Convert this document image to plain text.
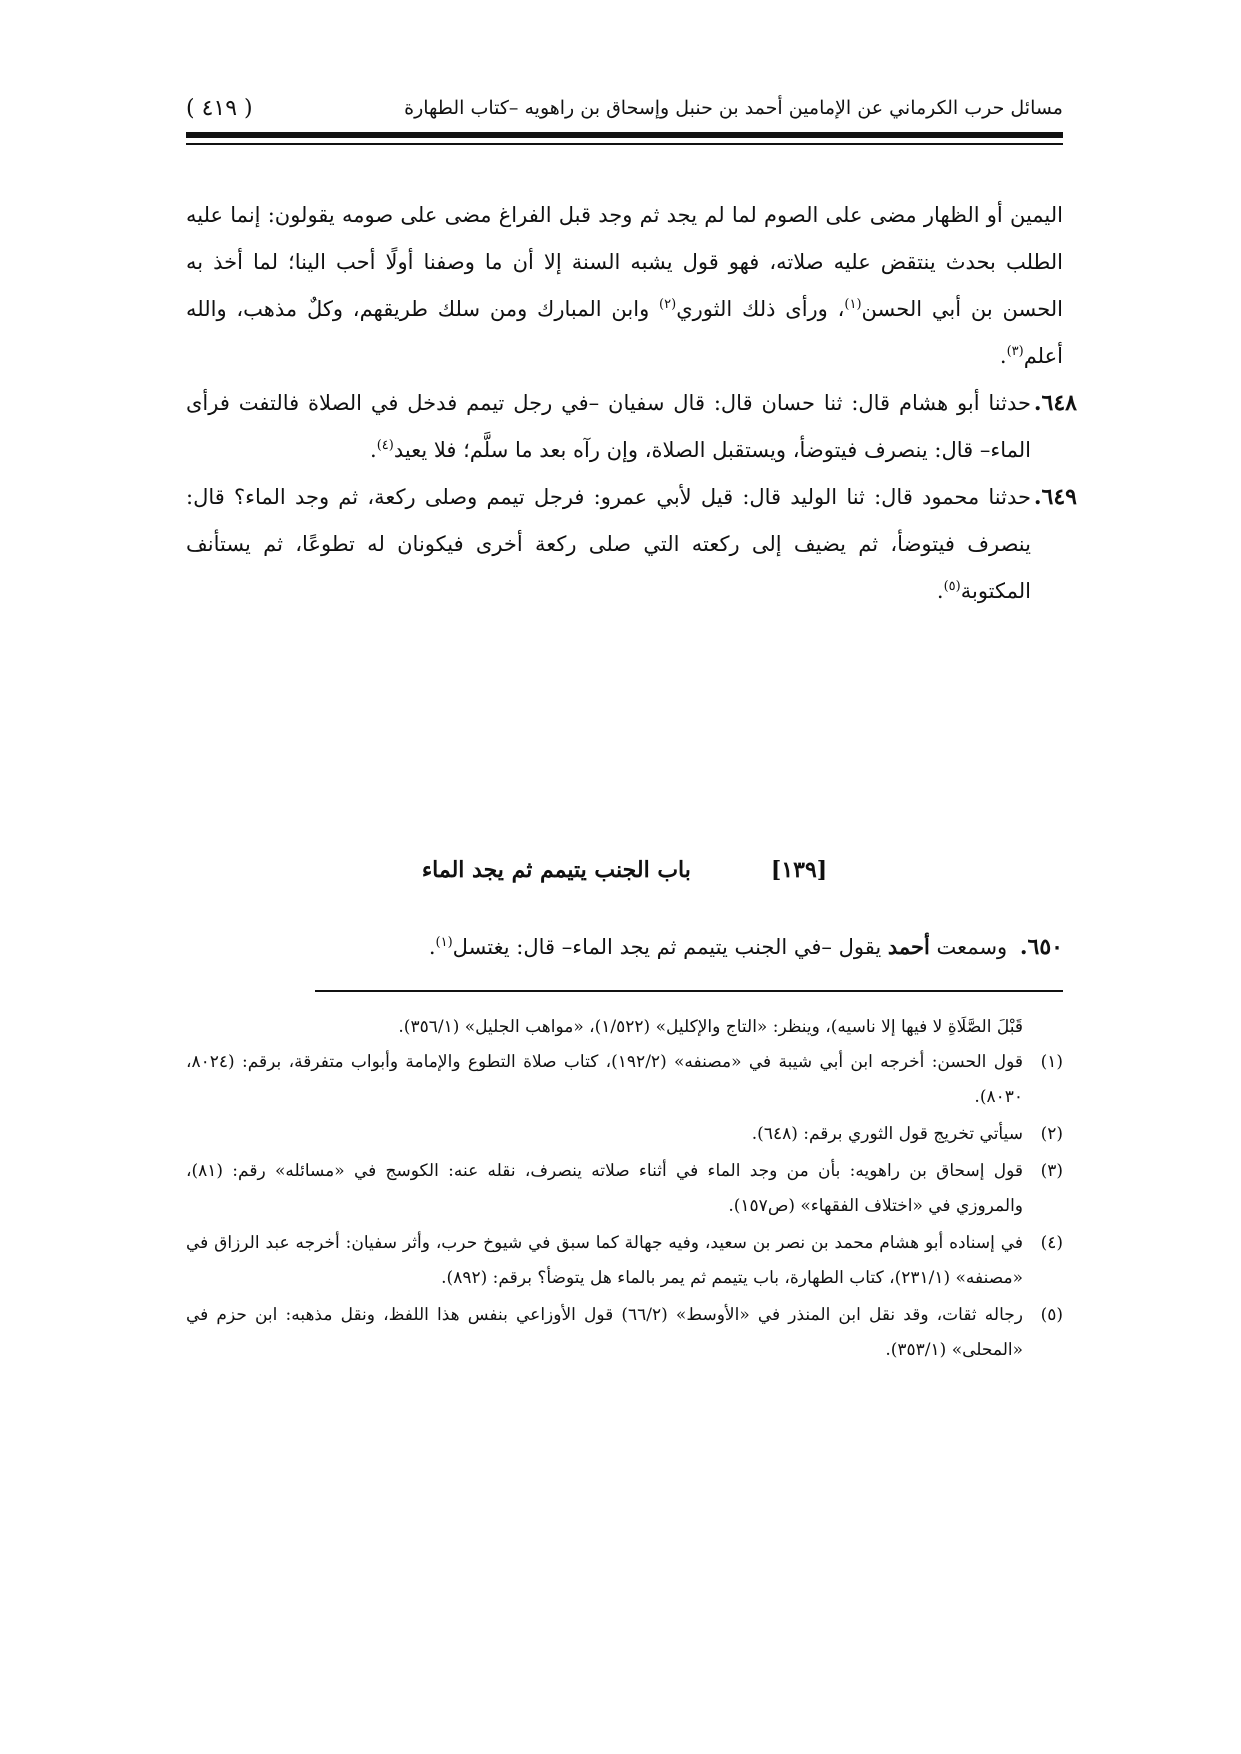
مسائل حرب الكرماني عن الإمامين أحمد بن حنبل وإسحاق بن راهويه –كتاب الطهارة
( ٤١٩ )

اليمين أو الظهار مضى على الصوم لما لم يجد ثم وجد قبل الفراغ مضى على صومه يقولون: إنما عليه الطلب بحدث ينتقض عليه صلاته، فهو قول يشبه السنة إلا أن ما وصفنا أولًا أحب الينا؛ لما أخذ به الحسن بن أبي الحسن$^{(١)}$، ورأى ذلك الثوري$^{(٢)}$ وابن المبارك ومن سلك طريقهم، وكلٌ مذهب، والله أعلم$^{(٣)}$.

٦٤٨.
حدثنا أبو هشام قال: ثنا حسان قال: قال سفيان –في رجل تيمم فدخل في الصلاة فالتفت فرأى الماء– قال: ينصرف فيتوضأ، ويستقبل الصلاة، وإن رآه بعد ما سلَّم؛ فلا يعيد$^{(٤)}$.

٦٤٩.
حدثنا محمود قال: ثنا الوليد قال: قيل لأبي عمرو: فرجل تيمم وصلى ركعة، ثم وجد الماء؟ قال: ينصرف فيتوضأ، ثم يضيف إلى ركعته التي صلى ركعة أخرى فيكونان له تطوعًا، ثم يستأنف المكتوبة$^{(٥)}$.

[١٣٩]
باب الجنب يتيمم ثم يجد الماء

٦٥٠. وسمعت أحمد يقول –في الجنب يتيمم ثم يجد الماء– قال: يغتسل$^{(١)}$.

قَبْلَ الصَّلَاةِ لا فيها إلا ناسيه)، وينظر: «التاج والإكليل» (١/٥٢٢)، «مواهب الجليل» (٣٥٦/١).

(١)
قول الحسن: أخرجه ابن أبي شيبة في «مصنفه» (١٩٢/٢)، كتاب صلاة التطوع والإمامة وأبواب متفرقة، برقم: (٨٠٢٤، ٨٠٣٠).

(٢)
سيأتي تخريج قول الثوري برقم: (٦٤٨).

(٣)
قول إسحاق بن راهويه: بأن من وجد الماء في أثناء صلاته ينصرف، نقله عنه: الكوسج في «مسائله» رقم: (٨١)، والمروزي في «اختلاف الفقهاء» (ص١٥٧).

(٤)
في إسناده أبو هشام محمد بن نصر بن سعيد، وفيه جهالة كما سبق في شيوخ حرب، وأثر سفيان: أخرجه عبد الرزاق في «مصنفه» (٢٣١/١)، كتاب الطهارة، باب يتيمم ثم يمر بالماء هل يتوضأ؟ برقم: (٨٩٢).

(٥)
رجاله ثقات، وقد نقل ابن المنذر في «الأوسط» (٦٦/٢) قول الأوزاعي بنفس هذا اللفظ، ونقل مذهبه: ابن حزم في «المحلى» (٣٥٣/١).
